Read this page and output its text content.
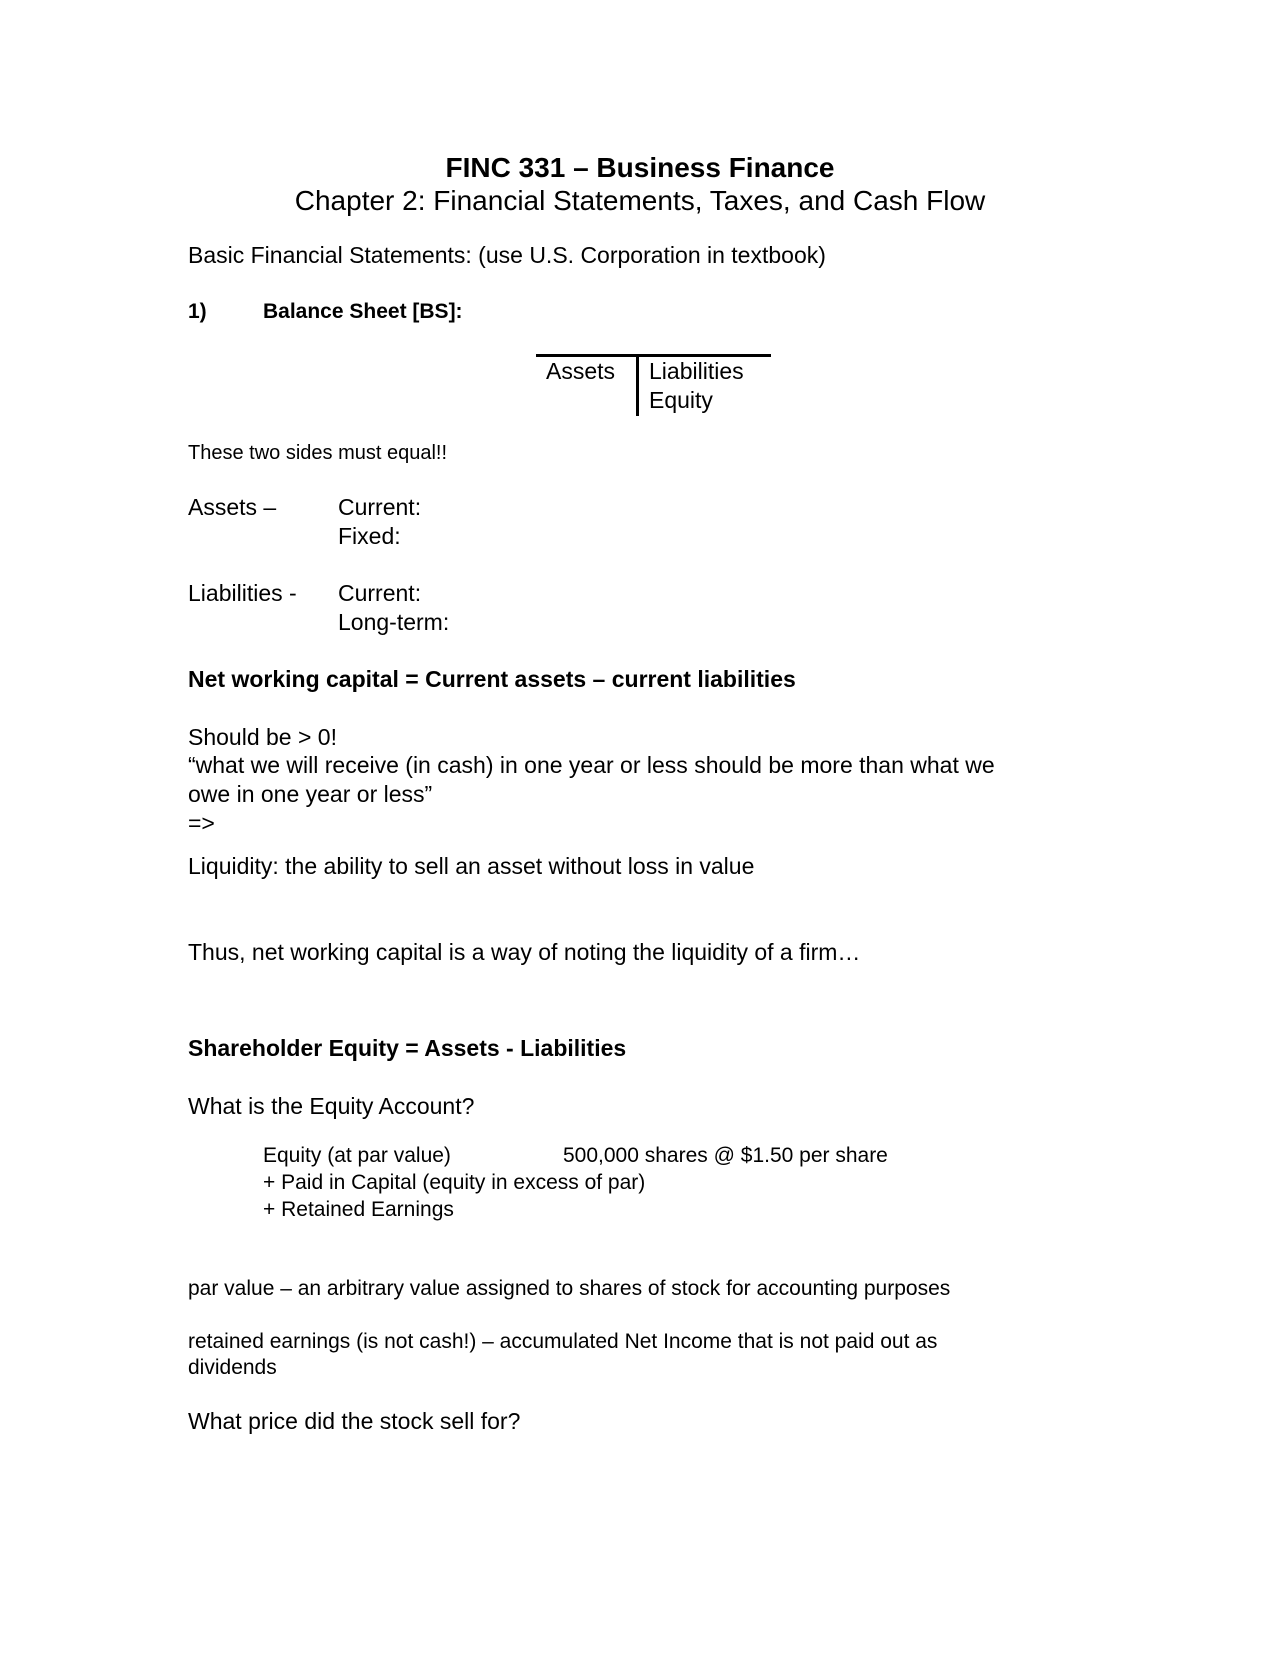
FINC 331 – Business Finance
Chapter 2: Financial Statements, Taxes, and Cash Flow
Basic Financial Statements: (use U.S. Corporation in textbook)
1)	Balance Sheet [BS]:
Assets Liabilities
Equity
These two sides must equal!!
Assets –	Current:
Fixed:
Liabilities - Current:
Long-term:
Net working capital = Current assets – current liabilities
Should be > 0!
“what we will receive (in cash) in one year or less should be more than what we
owe in one year or less”
=>
Liquidity: the ability to sell an asset without loss in value
Thus, net working capital is a way of noting the liquidity of a firm…
Shareholder Equity = Assets - Liabilities
What is the Equity Account?
Equity (at par value)	500,000 shares @ $1.50 per share
+ Paid in Capital (equity in excess of par)
+ Retained Earnings
par value – an arbitrary value assigned to shares of stock for accounting purposes
retained earnings (is not cash!) – accumulated Net Income that is not paid out as
dividends
What price did the stock sell for?
